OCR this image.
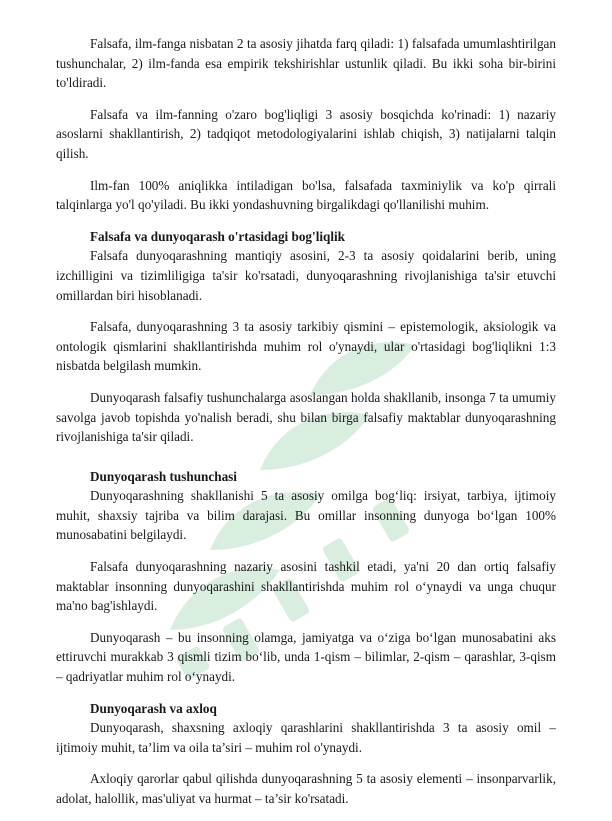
Falsafa, ilm-fanga nisbatan 2 ta asosiy jihatda farq qiladi: 1) falsafada umumlashtirilgan tushunchalar, 2) ilm-fanda esa empirik tekshirishlar ustunlik qiladi. Bu ikki soha bir-birini to'ldiradi.

Falsafa va ilm-fanning o'zaro bog'liqligi 3 asosiy bosqichda ko'rinadi: 1) nazariy asoslarni shakllantirish, 2) tadqiqot metodologiyalarini ishlab chiqish, 3) natijalarni talqin qilish.

Ilm-fan 100% aniqlikka intiladigan bo'lsa, falsafada taxminiylik va ko'p qirrali talqinlarga yo'l qo'yiladi. Bu ikki yondashuvning birgalikdagi qo'llanilishi muhim.

Falsafa va dunyoqarash o'rtasidagi bog'liqlik

Falsafa dunyoqarashning mantiqiy asosini, 2-3 ta asosiy qoidalarini berib, uning izchilligini va tizimliligiga ta'sir ko'rsatadi, dunyoqarashning rivojlanishiga ta'sir etuvchi omillardan biri hisoblanadi.

Falsafa, dunyoqarashning 3 ta asosiy tarkibiy qismini – epistemologik, aksiologik va ontologik qismlarini shakllantirishda muhim rol o'ynaydi, ular o'rtasidagi bog'liqlikni 1:3 nisbatda belgilash mumkin.

Dunyoqarash falsafiy tushunchalarga asoslangan holda shakllanib, insonga 7 ta umumiy savolga javob topishda yo'nalish beradi, shu bilan birga falsafiy maktablar dunyoqarashning rivojlanishiga ta'sir qiladi.

Dunyoqarash tushunchasi

Dunyoqarashning shakllanishi 5 ta asosiy omilga bog‘liq: irsiyat, tarbiya, ijtimoiy muhit, shaxsiy tajriba va bilim darajasi. Bu omillar insonning dunyoga bo‘lgan 100% munosabatini belgilaydi.

Falsafa dunyoqarashning nazariy asosini tashkil etadi, ya'ni 20 dan ortiq falsafiy maktablar insonning dunyoqarashini shakllantirishda muhim rol o‘ynaydi va unga chuqur ma'no bag'ishlaydi.

Dunyoqarash – bu insonning olamga, jamiyatga va o‘ziga bo‘lgan munosabatini aks ettiruvchi murakkab 3 qismli tizim bo‘lib, unda 1-qism – bilimlar, 2-qism – qarashlar, 3-qism – qadriyatlar muhim rol o‘ynaydi.

Dunyoqarash va axloq

Dunyoqarash, shaxsning axloqiy qarashlarini shakllantirishda 3 ta asosiy omil – ijtimoiy muhit, ta’lim va oila ta’siri – muhim rol o'ynaydi.

Axloqiy qarorlar qabul qilishda dunyoqarashning 5 ta asosiy elementi – insonparvarlik, adolat, halollik, mas'uliyat va hurmat – ta’sir ko'rsatadi.
